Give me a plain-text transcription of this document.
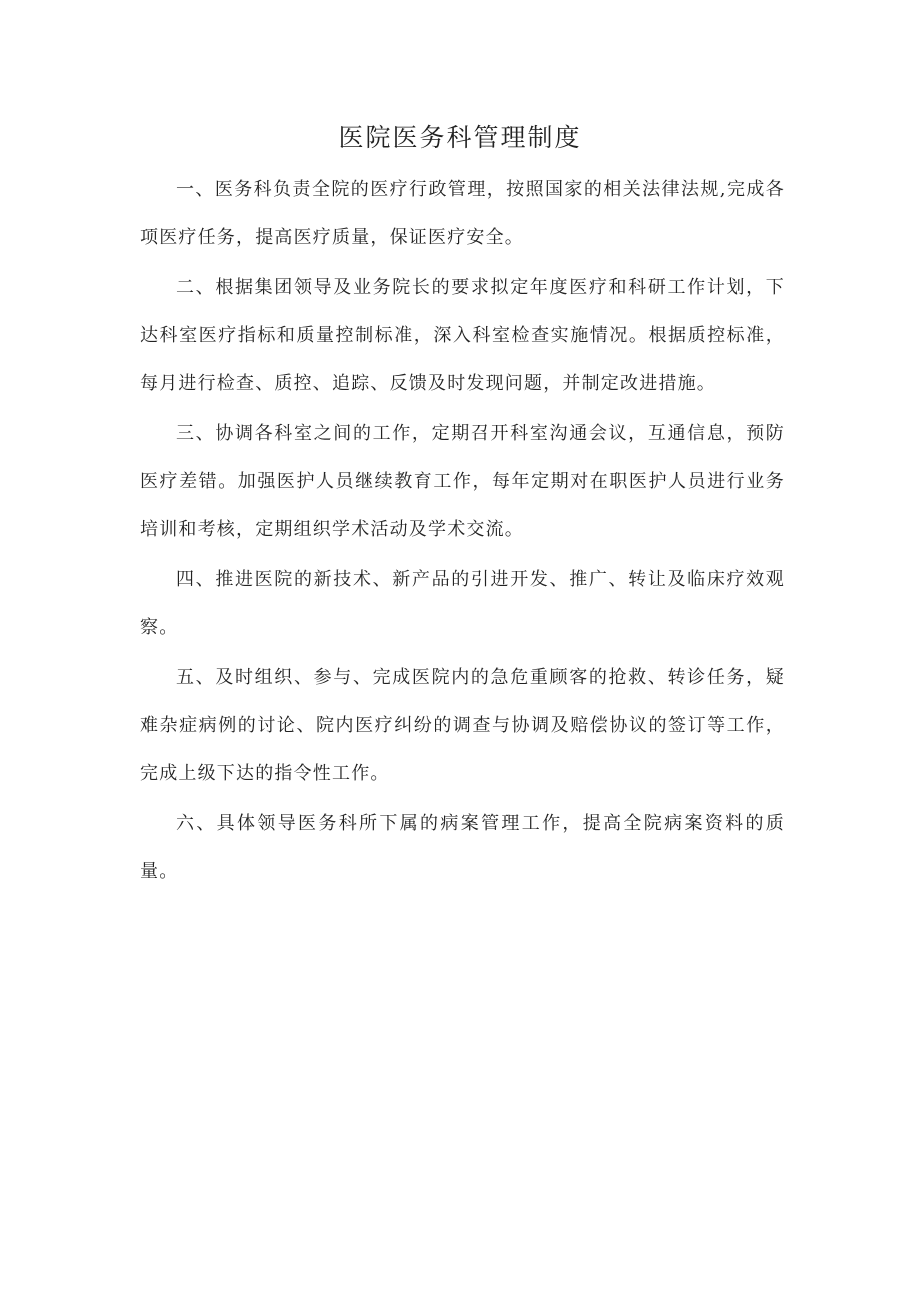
医院医务科管理制度

一、医务科负责全院的医疗行政管理，按照国家的相关法律法规,完成各项医疗任务，提高医疗质量，保证医疗安全。

二、根据集团领导及业务院长的要求拟定年度医疗和科研工作计划，下达科室医疗指标和质量控制标准，深入科室检查实施情况。根据质控标准，每月进行检查、质控、追踪、反馈及时发现问题，并制定改进措施。

三、协调各科室之间的工作，定期召开科室沟通会议，互通信息，预防医疗差错。加强医护人员继续教育工作，每年定期对在职医护人员进行业务培训和考核，定期组织学术活动及学术交流。

四、推进医院的新技术、新产品的引进开发、推广、转让及临床疗效观察。

五、及时组织、参与、完成医院内的急危重顾客的抢救、转诊任务，疑难杂症病例的讨论、院内医疗纠纷的调查与协调及赔偿协议的签订等工作，完成上级下达的指令性工作。

六、具体领导医务科所下属的病案管理工作，提高全院病案资料的质量。
